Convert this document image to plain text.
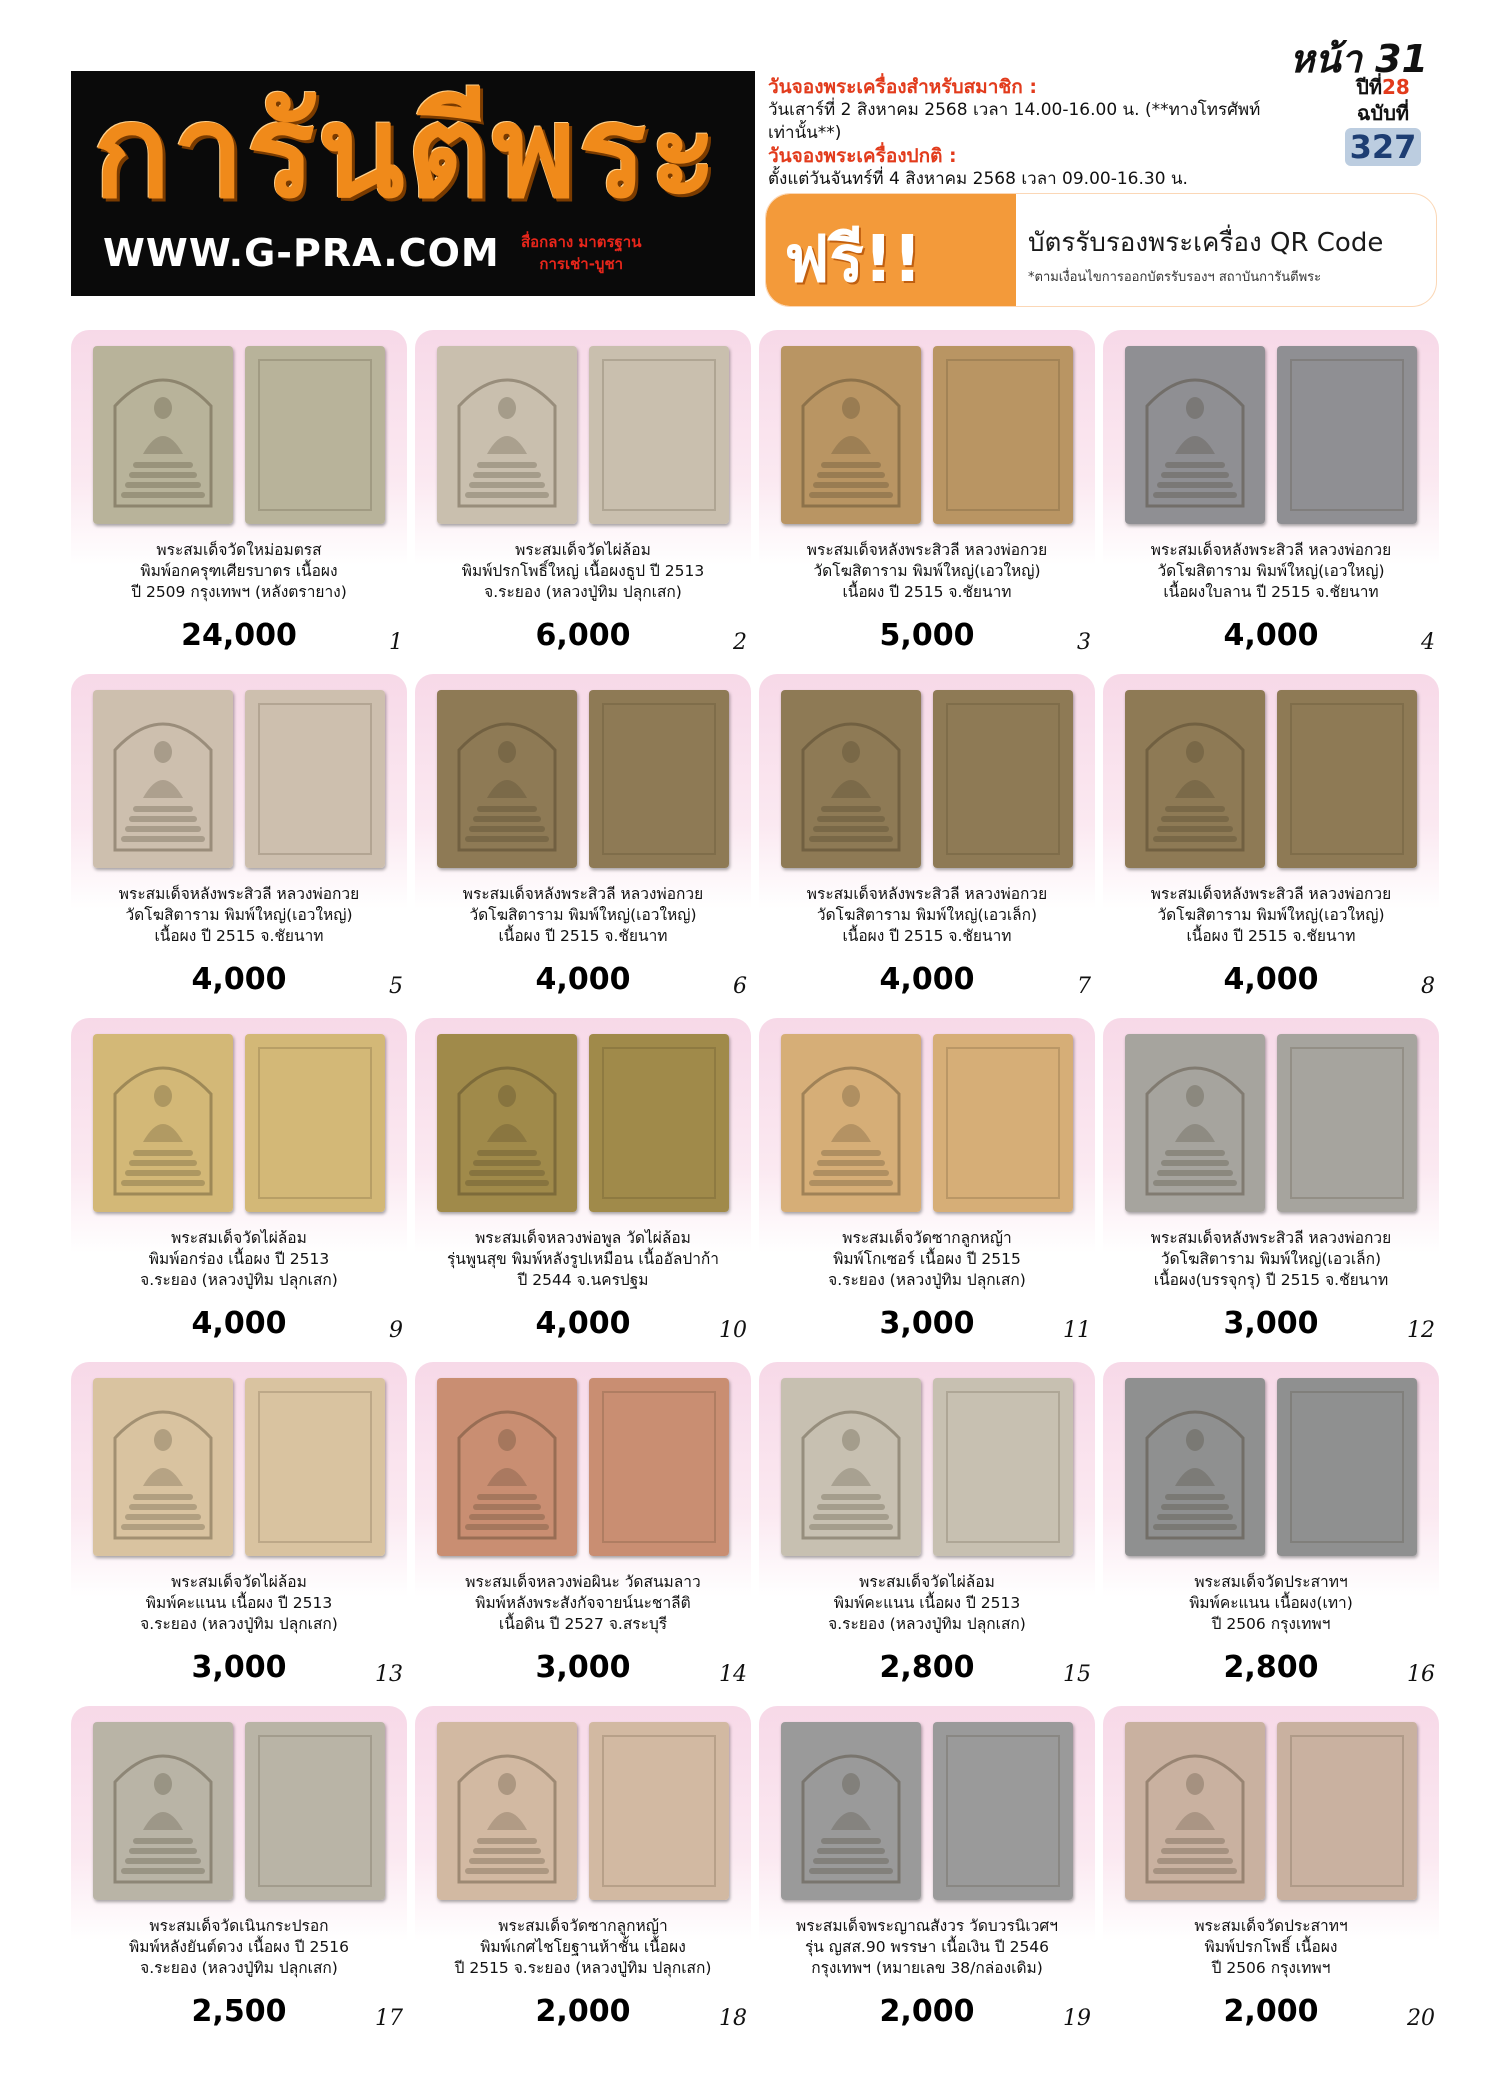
หน้า 31
การันตีพระ
WWW.G-PRA.COM สื่อกลาง มาตรฐาน
การเช่า-บูชา
วันจองพระเครื่องสำหรับสมาชิก :
วันเสาร์ที่ 2 สิงหาคม 2568 เวลา 14.00-16.00 น. (**ทางโทรศัพท์เท่านั้น**)
วันจองพระเครื่องปกติ :
ตั้งแต่วันจันทร์ที่ 4 สิงหาคม 2568 เวลา 09.00-16.30 น.
ปีที่28
ฉบับที่
327
ฟรี!!	บัตรรับรองพระเครื่อง QR Code
*ตามเงื่อนไขการออกบัตรรับรองฯ สถาบันการันตีพระ
พระสมเด็จวัดใหม่อมตรส
พิมพ์อกครุฑเศียรบาตร เนื้อผง
ปี 2509 กรุงเทพฯ (หลังตรายาง)
24,000	1
พระสมเด็จวัดไผ่ล้อม
พิมพ์ปรกโพธิ์ใหญ่ เนื้อผงธูป ปี 2513
จ.ระยอง (หลวงปู่ทิม ปลุกเสก)
6,000	2
พระสมเด็จหลังพระสิวลี หลวงพ่อกวย
วัดโฆสิตาราม พิมพ์ใหญ่(เอวใหญ่)
เนื้อผง ปี 2515 จ.ชัยนาท
5,000	3
พระสมเด็จหลังพระสิวลี หลวงพ่อกวย
วัดโฆสิตาราม พิมพ์ใหญ่(เอวใหญ่)
เนื้อผงใบลาน ปี 2515 จ.ชัยนาท
4,000	4
พระสมเด็จหลังพระสิวลี หลวงพ่อกวย
วัดโฆสิตาราม พิมพ์ใหญ่(เอวใหญ่)
เนื้อผง ปี 2515 จ.ชัยนาท
4,000	5
พระสมเด็จหลังพระสิวลี หลวงพ่อกวย
วัดโฆสิตาราม พิมพ์ใหญ่(เอวใหญ่)
เนื้อผง ปี 2515 จ.ชัยนาท
4,000	6
พระสมเด็จหลังพระสิวลี หลวงพ่อกวย
วัดโฆสิตาราม พิมพ์ใหญ่(เอวเล็ก)
เนื้อผง ปี 2515 จ.ชัยนาท
4,000	7
พระสมเด็จหลังพระสิวลี หลวงพ่อกวย
วัดโฆสิตาราม พิมพ์ใหญ่(เอวใหญ่)
เนื้อผง ปี 2515 จ.ชัยนาท
4,000	8
พระสมเด็จวัดไผ่ล้อม
พิมพ์อกร่อง เนื้อผง ปี 2513
จ.ระยอง (หลวงปู่ทิม ปลุกเสก)
4,000	9
พระสมเด็จหลวงพ่อพูล วัดไผ่ล้อม
รุ่นพูนสุข พิมพ์หลังรูปเหมือน เนื้ออัลปาก้า
ปี 2544 จ.นครปฐม
4,000	10
พระสมเด็จวัดซากลูกหญ้า
พิมพ์โกเซอร์ เนื้อผง ปี 2515
จ.ระยอง (หลวงปู่ทิม ปลุกเสก)
3,000	11
พระสมเด็จหลังพระสิวลี หลวงพ่อกวย
วัดโฆสิตาราม พิมพ์ใหญ่(เอวเล็ก)
เนื้อผง(บรรจุกรุ) ปี 2515 จ.ชัยนาท
3,000	12
พระสมเด็จวัดไผ่ล้อม
พิมพ์คะแนน เนื้อผง ปี 2513
จ.ระยอง (หลวงปู่ทิม ปลุกเสก)
3,000	13
พระสมเด็จหลวงพ่อผินะ วัดสนมลาว
พิมพ์หลังพระสังกัจจายน์นะชาลีติ
เนื้อดิน ปี 2527 จ.สระบุรี
3,000	14
พระสมเด็จวัดไผ่ล้อม
พิมพ์คะแนน เนื้อผง ปี 2513
จ.ระยอง (หลวงปู่ทิม ปลุกเสก)
2,800	15
พระสมเด็จวัดประสาทฯ
พิมพ์คะแนน เนื้อผง(เทา)
ปี 2506 กรุงเทพฯ
2,800	16
พระสมเด็จวัดเนินกระปรอก
พิมพ์หลังยันต์ดวง เนื้อผง ปี 2516
จ.ระยอง (หลวงปู่ทิม ปลุกเสก)
2,500	17
พระสมเด็จวัดซากลูกหญ้า
พิมพ์เกศไชโยฐานห้าชั้น เนื้อผง
ปี 2515 จ.ระยอง (หลวงปู่ทิม ปลุกเสก)
2,000	18
พระสมเด็จพระญาณสังวร วัดบวรนิเวศฯ
รุ่น ญสส.90 พรรษา เนื้อเงิน ปี 2546
กรุงเทพฯ (หมายเลข 38/กล่องเดิม)
2,000	19
พระสมเด็จวัดประสาทฯ
พิมพ์ปรกโพธิ์ เนื้อผง
ปี 2506 กรุงเทพฯ
2,000	20
